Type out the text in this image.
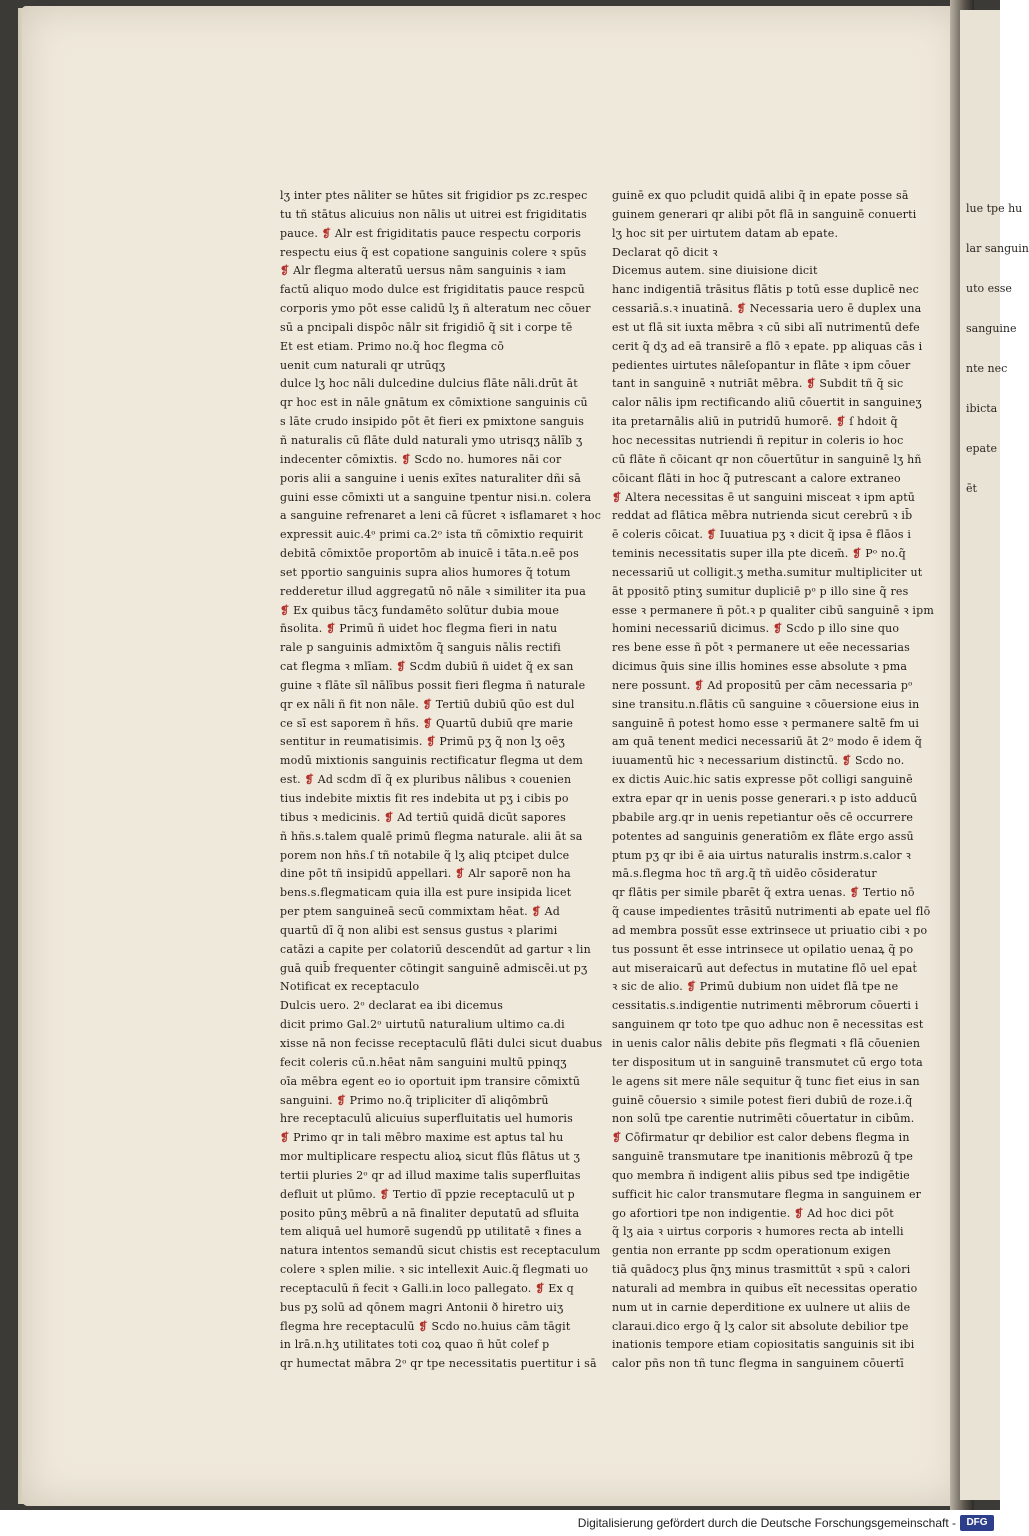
lue tpe hu
lar sanguin
uto esse
sanguine
nte nec
ibicta
epate
ēt
lʒ inter ptes nāliter se hūtes sit frigidior ps zc.respec
tu tñ stātus alicuius non nālis ut uitrei est frigiditatis
pauce. ❡ Alr est frigiditatis pauce respectu corporis
respectu eius q̃ est copatione sanguinis colere ꝛ spūs
❡ Alr flegma alteratū uersus nām sanguinis ꝛ iam
factū aliquo modo dulce est frigiditatis pauce respcū
corporis ymo pōt esse calidū lʒ ñ alteratum nec cōuer
sū a pncipali dispōc nālr sit frigidiō q̃ sit i corpe tē
Et est etiam. Primo no.q̃ hoc flegma cō
uenit cum naturali qr utrūqʒ
dulce lʒ hoc nāli dulcedine dulcius flāte nāli.drūt āt
qr hoc est in nāle gnātum ex cōmixtione sanguinis cū
s lāte crudo insipido pōt ēt fieri ex pmixtone sanguis
ñ naturalis cū flāte duld naturali ymo utrisqʒ nālīb ʒ
indecenter cōmixtis. ❡ Scdo no. humores nāi cor
poris alii a sanguine i uenis exītes naturaliter dñi sā
guini esse cōmixti ut a sanguine tpentur nisi.n. colera
a sanguine refrenaret a leni cā fūcret ꝛ isflamaret ꝛ hoc
expressit auic.4ᵒ primi ca.2ᵒ ista tñ cōmixtio requirit
debitā cōmixtōe proportōm ab inuicē i tāta.n.eē pos
set pportio sanguinis supra alios humores q̃ totum
redderetur illud aggregatū nō nāle ꝛ similiter ita pua
❡ Ex quibus tācʒ fundamēto solūtur dubia moue
n̄solita. ❡ Primū ñ uidet hoc flegma fieri in natu
rale p sanguinis admixtōm q̃ sanguis nālis rectifi
cat flegma ꝛ mlīam. ❡ Scdm dubiū ñ uidet q̃ ex san
guine ꝛ flāte sīl nālībus possit fieri flegma ñ naturale
qr ex nāli ñ fit non nāle. ❡ Tertiū dubiū qūo est dul
ce sī est saporem ñ hñs. ❡ Quartū dubiū qre marie
sentitur in reumatisimis. ❡ Primū pʒ q̃ non lʒ oēʒ
modū mixtionis sanguinis rectificatur flegma ut dem
est. ❡ Ad scdm dī q̃ ex pluribus nālibus ꝛ couenien
tius indebite mixtis fit res indebita ut pʒ i cibis po
tibus ꝛ medicinis. ❡ Ad tertiū quidā dicūt sapores
ñ hñs.s.talem qualē primū flegma naturale. alii āt sa
porem non hñs.ſ tñ notabile q̃ lʒ aliq ptcipet dulce
dine pōt tñ insipidū appellari. ❡ Alr saporē non ha
bens.s.flegmaticam quia illa est pure insipida licet
per ptem sanguineā secū commixtam hēat. ❡ Ad
quartū dī q̃ non alibi est sensus gustus ꝛ plarimi
catāzi a capite per colatoriū descendūt ad gartur ꝛ lin
guā quib̄ frequenter cōtingit sanguinē admiscēi.ut pʒ
Notificat ex receptaculo
Dulcis uero. 2ᵒ declarat ea ibi dicemus
dicit primo Gal.2ᵒ uirtutū naturalium ultimo ca.di
xisse nā non fecisse receptaculū flāti dulci sicut duabus
fecit coleris cū.n.hēat nām sanguini multū ppinqʒ
oīa mēbra egent eo io oportuit ipm transire cōmixtū
sanguini. ❡ Primo no.q̃ tripliciter dī aliqōmbrū
hre receptaculū alicuius superfluitatis uel humoris
❡ Primo qr in tali mēbro maxime est aptus tal hu
mor multiplicare respectu alioꝝ sicut flūs flātus ut ʒ
tertii pluries 2ᵒ qr ad illud maxime talis superfluitas
defluit ut plūmo. ❡ Tertio dī ppzie receptaculū ut p
posito pūnʒ mēbrū a nā finaliter deputatū ad sfluita
tem aliquā uel humorē sugendū pp utilitatē ꝛ fines a
natura intentos semandū sicut chistis est receptaculum
colere ꝛ splen milie. ꝛ sic intellexit Auic.q̃ flegmati uo
receptaculū ñ fecit ꝛ Galli.in loco pallegato. ❡ Ex q
bus pʒ solū ad qōnem magri Antonii ð hiretro uiʒ
flegma hre receptaculū ❡ Scdo no.huius cām tāgit
in lrā.n.hʒ utilitates toti coꝝ quao ñ hūt colef p
qr humectat mābra 2ᵒ qr tpe necessitatis puertitur i sā
guinē ex quo pcludit quidā alibi q̃ in epate posse sā
guinem generari qr alibi pōt flā in sanguinē conuerti
lʒ hoc sit per uirtutem datam ab epate.
Declarat qō dicit ꝛ
Dicemus autem. sine diuisione dicit
hanc indigentiā trāsitus flātis p totū esse duplicē nec
cessariā.s.ꝛ inuatinā. ❡ Necessaria uero ē duplex una
est ut flā sit iuxta mēbra ꝛ cū sibi alī nutrimentū defe
cerit q̃ dʒ ad eā transirē a flō ꝛ epate. pp aliquas cās i
pedientes uirtutes nāleſopantur in flāte ꝛ ipm cōuer
tant in sanguinē ꝛ nutriāt mēbra. ❡ Subdit tñ q̃ sic
calor nālis ipm rectificando aliū cōuertit in sanguineʒ
ita pretarnālis aliū in putridū humorē. ❡ ſ hdoit q̃
hoc necessitas nutriendi ñ repitur in coleris io hoc
cū flāte ñ cōicant qr non cōuertūtur in sanguinē lʒ hñ
cōicant flāti in hoc q̃ putrescant a calore extraneo
❡ Altera necessitas ē ut sanguini misceat ꝛ ipm aptū
reddat ad flātica mēbra nutrienda sicut cerebrū ꝛ ib̄
ē coleris cōicat. ❡ Iuuatiua pʒ ꝛ dicit q̃ ipsa ē flāos i
teminis necessitatis super illa pte dicem̄. ❡ Pᵒ no.q̃
necessariū ut colligit.ʒ metha.sumitur multipliciter ut
āt ppositō ptinʒ sumitur dupliciē pᵒ p illo sine q̃ res
esse ꝛ permanere ñ pōt.ꝛ p qualiter cibū sanguinē ꝛ ipm
homini necessariū dicimus. ❡ Scdo p illo sine quo
res bene esse ñ pōt ꝛ permanere ut eēe necessarias
dicimus q̃uis sine illis homines esse absolute ꝛ pma
nere possunt. ❡ Ad propositū per cām necessaria pᵒ
sine transitu.n.flātis cū sanguine ꝛ cōuersione eius in
sanguinē ñ potest homo esse ꝛ permanere saltē fm ui
am quā tenent medici necessariū āt 2ᵒ modo ē idem q̃
iuuamentū hic ꝛ necessarium distinctū. ❡ Scdo no.
ex dictis Auic.hic satis expresse pōt colligi sanguinē
extra epar qr in uenis posse generari.ꝛ p isto adducū
pbabile arg.qr in uenis repetiantur oēs cē occurrere
potentes ad sanguinis generatiōm ex flāte ergo assū
ptum pʒ qr ibi ē aia uirtus naturalis instrm.s.calor ꝛ
mā.s.flegma hoc tñ arg.q̃ tñ uidēo cōsideratur
qr flātis per simile pbarēt q̃ extra uenas. ❡ Tertio nō
q̃ cause impedientes trāsitū nutrimenti ab epate uel flō
ad membra possūt esse extrinsece ut priuatio cibi ꝛ po
tus possunt ēt esse intrinsece ut opilatio uenaꝝ q̃ po
aut miseraicarū aut defectus in mutatine flō uel epaṫ
ꝛ sic de alio. ❡ Primū dubium non uidet flā tpe ne
cessitatis.s.indigentie nutrimenti mēbrorum cōuerti i
sanguinem qr toto tpe quo adhuc non ē necessitas est
in uenis calor nālis debite pñs flegmati ꝛ flā cōuenien
ter dispositum ut in sanguinē transmutet cū ergo tota
le agens sit mere nāle sequitur q̃ tunc fiet eius in san
guinē cōuersio ꝛ simile potest fieri dubiū de roze.i.q̃
non solū tpe carentie nutrimēti cōuertatur in cibūm.
❡ Cōfirmatur qr debilior est calor debens flegma in
sanguinē transmutare tpe inanitionis mēbrozū q̃ tpe
quo membra ñ indigent aliis pibus sed tpe indigētie
sufficit hic calor transmutare flegma in sanguinem er
go afortiori tpe non indigentie. ❡ Ad hoc dici pōt
q̃ lʒ aia ꝛ uirtus corporis ꝛ humores recta ab intelli
gentia non errante pp scdm operationum exigen
tiā quādocʒ plus q̃nʒ minus trasmittūt ꝛ spū ꝛ calori
naturali ad membra in quibus eīt necessitas operatio
num ut in carnie deperditione ex uulnere ut aliis de
claraui.dico ergo q̃ lʒ calor sit absolute debilior tpe
inationis tempore etiam copiositatis sanguinis sit ibi
calor pñs non tñ tunc flegma in sanguinem cōuertī
Digitalisierung gefördert durch die Deutsche Forschungsgemeinschaft -	DFG
